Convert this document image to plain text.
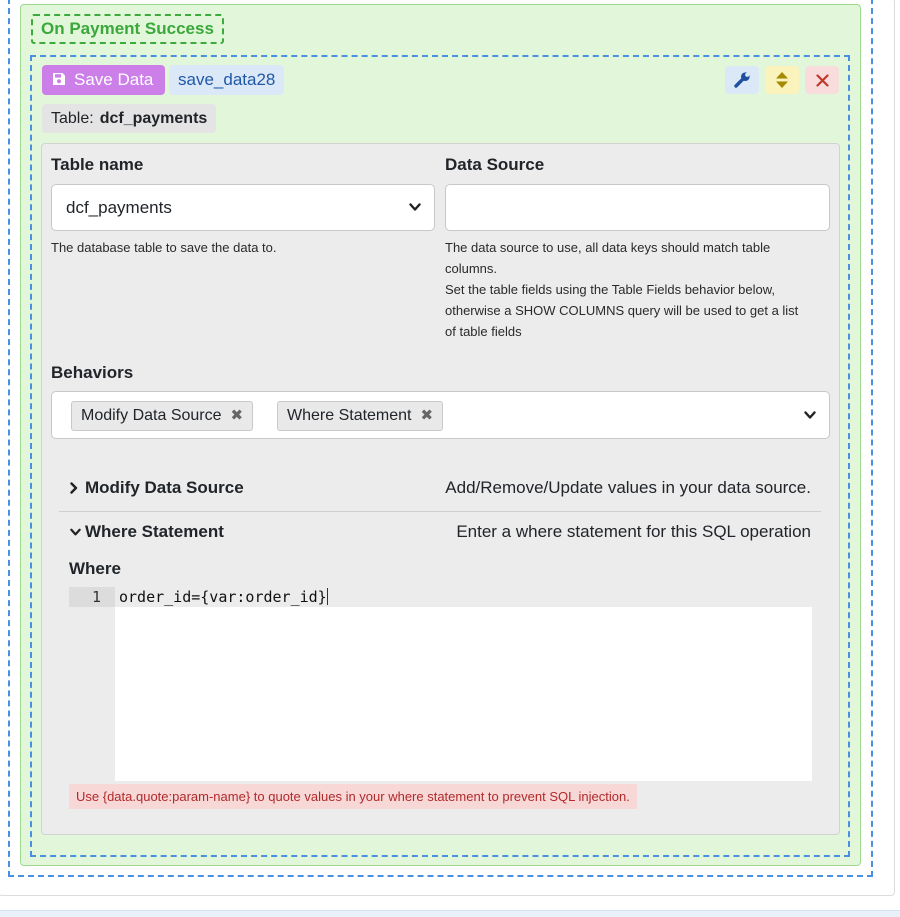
On Payment Success
Save Data	save_data28
Table: dcf_payments
Table name
dcf_payments
The database table to save the data to.
Data Source
The data source to use, all data keys should match table
columns.
Set the table fields using the Table Fields behavior below,
otherwise a SHOW COLUMNS query will be used to get a list
of table fields
Behaviors
Modify Data Source ✖	Where Statement ✖
Modify Data Source	Add/Remove/Update values in your data source.
Where Statement	Enter a where statement for this SQL operation
Where
1	order_id={var:order_id}
Use {data.quote:param-name} to quote values in your where statement to prevent SQL injection.
